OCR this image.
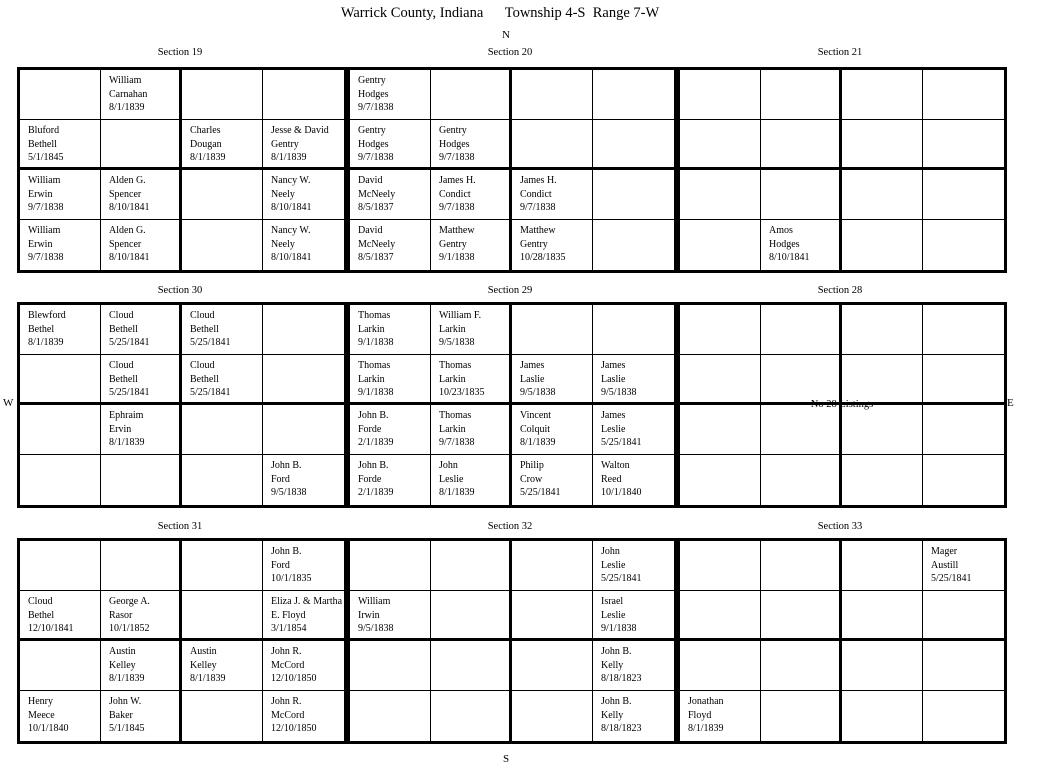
Warrick County, Indiana      Township 4-S  Range 7-W
N
S
W	E
Section 19
William
Carnahan
8/1/1839
Bluford
Bethell
5/1/1845
Charles
Dougan
8/1/1839
Jesse & David
Gentry
8/1/1839
William
Erwin
9/7/1838
Alden G.
Spencer
8/10/1841
Nancy W.
Neely
8/10/1841
William
Erwin
9/7/1838
Alden G.
Spencer
8/10/1841
Nancy W.
Neely
8/10/1841
Section 20
Gentry
Hodges
9/7/1838
Gentry
Hodges
9/7/1838
Gentry
Hodges
9/7/1838
David
McNeely
8/5/1837
James H.
Condict
9/7/1838
James H.
Condict
9/7/1838
David
McNeely
8/5/1837
Matthew
Gentry
9/1/1838
Matthew
Gentry
10/28/1835
Section 21
Amos
Hodges
8/10/1841
Section 30
Blewford
Bethel
8/1/1839
Cloud
Bethell
5/25/1841
Cloud
Bethell
5/25/1841
Cloud
Bethell
5/25/1841
Cloud
Bethell
5/25/1841
Ephraim
Ervin
8/1/1839
John B.
Ford
9/5/1838
Section 29
Thomas
Larkin
9/1/1838
William F.
Larkin
9/5/1838
Thomas
Larkin
9/1/1838
Thomas
Larkin
10/23/1835
James
Laslie
9/5/1838
James
Laslie
9/5/1838
John B.
Forde
2/1/1839
Thomas
Larkin
9/7/1838
Vincent
Colquit
8/1/1839
James
Leslie
5/25/1841
John B.
Forde
2/1/1839
John
Leslie
8/1/1839
Philip
Crow
5/25/1841
Walton
Reed
10/1/1840
Section 28
No 28 Listings
Section 31
John B.
Ford
10/1/1835
Cloud
Bethel
12/10/1841
George A.
Rasor
10/1/1852
Eliza J. & Martha
E. Floyd
3/1/1854
Austin
Kelley
8/1/1839
Austin
Kelley
8/1/1839
John R.
McCord
12/10/1850
Henry
Meece
10/1/1840
John W.
Baker
5/1/1845
John R.
McCord
12/10/1850
Section 32
John
Leslie
5/25/1841
William
Irwin
9/5/1838
Israel
Leslie
9/1/1838
John B.
Kelly
8/18/1823
John B.
Kelly
8/18/1823
Section 33
Mager
Austill
5/25/1841
Jonathan
Floyd
8/1/1839
